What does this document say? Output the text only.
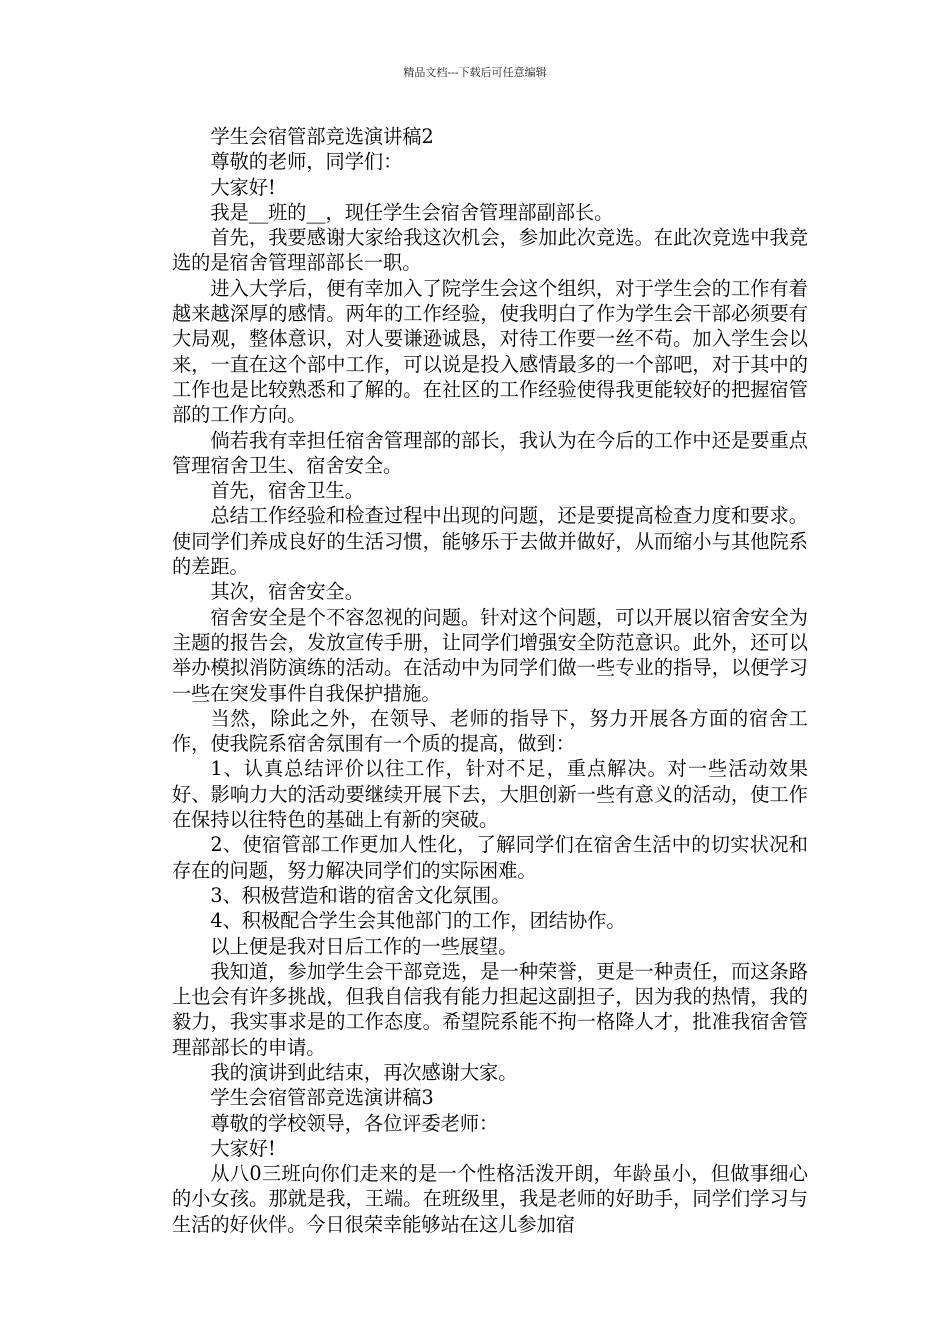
精品文档---下载后可任意编辑

学生会宿管部竞选演讲稿2

尊敬的老师，同学们：

大家好!

我是__班的__，现任学生会宿舍管理部副部长。

首先，我要感谢大家给我这次机会，参加此次竞选。在此次竞选中我竞选的是宿舍管理部部长一职。

进入大学后，便有幸加入了院学生会这个组织，对于学生会的工作有着越来越深厚的感情。两年的工作经验，使我明白了作为学生会干部必须要有大局观，整体意识，对人要谦逊诚恳，对待工作要一丝不苟。加入学生会以来，一直在这个部中工作，可以说是投入感情最多的一个部吧，对于其中的工作也是比较熟悉和了解的。在社区的工作经验使得我更能较好的把握宿管部的工作方向。

倘若我有幸担任宿舍管理部的部长，我认为在今后的工作中还是要重点管理宿舍卫生、宿舍安全。

首先，宿舍卫生。

总结工作经验和检查过程中出现的问题，还是要提高检查力度和要求。使同学们养成良好的生活习惯，能够乐于去做并做好，从而缩小与其他院系的差距。

其次，宿舍安全。

宿舍安全是个不容忽视的问题。针对这个问题，可以开展以宿舍安全为主题的报告会，发放宣传手册，让同学们增强安全防范意识。此外，还可以举办模拟消防演练的活动。在活动中为同学们做一些专业的指导，以便学习一些在突发事件自我保护措施。

当然，除此之外，在领导、老师的指导下，努力开展各方面的宿舍工作，使我院系宿舍氛围有一个质的提高，做到：

1、认真总结评价以往工作，针对不足，重点解决。对一些活动效果好、影响力大的活动要继续开展下去，大胆创新一些有意义的活动，使工作在保持以往特色的基础上有新的突破。

2、使宿管部工作更加人性化，了解同学们在宿舍生活中的切实状况和存在的问题，努力解决同学们的实际困难。

3、积极营造和谐的宿舍文化氛围。

4、积极配合学生会其他部门的工作，团结协作。

以上便是我对日后工作的一些展望。

我知道，参加学生会干部竞选，是一种荣誉，更是一种责任，而这条路上也会有许多挑战，但我自信我有能力担起这副担子，因为我的热情，我的毅力，我实事求是的工作态度。希望院系能不拘一格降人才，批准我宿舍管理部部长的申请。

我的演讲到此结束，再次感谢大家。

学生会宿管部竞选演讲稿3

尊敬的学校领导，各位评委老师：

大家好!

从八0三班向你们走来的是一个性格活泼开朗，年龄虽小，但做事细心的小女孩。那就是我，王端。在班级里，我是老师的好助手，同学们学习与生活的好伙伴。今日很荣幸能够站在这儿参加宿
